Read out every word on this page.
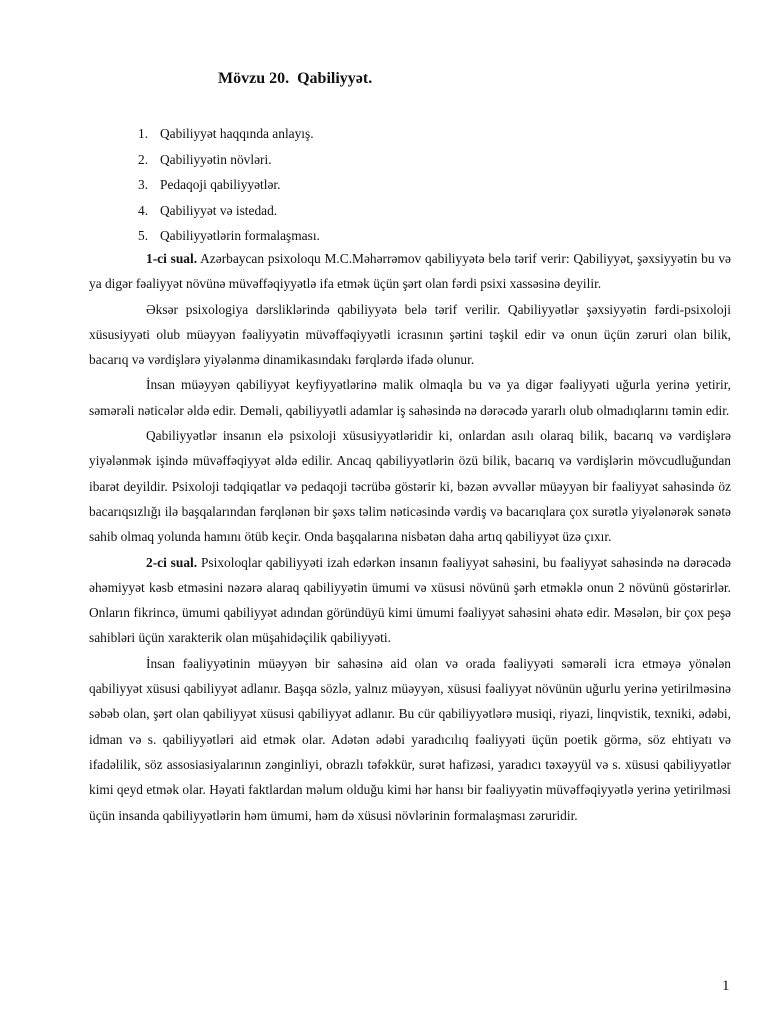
Mövzu 20.  Qabiliyyət.
1. Qabiliyyət haqqında anlayış.
2. Qabiliyyətin növləri.
3. Pedaqoji qabiliyyətlər.
4. Qabiliyyət və istedad.
5. Qabiliyyətlərin formalaşması.

1-ci sual. Azərbaycan psixoloqu M.C.Məhərrəmov qabiliyyətə belə tərif verir: Qabiliyyət, şəxsiyyətin bu və ya digər fəaliyyət növünə müvəffəqiyyətlə ifa etmək üçün şərt olan fərdi psixi xassəsinə deyilir.

Əksər psixologiya dərsliklərində qabiliyyətə belə tərif verilir. Qabiliyyətlər şəxsiyyətin fərdi-psixoloji xüsusiyyəti olub müəyyən fəaliyyətin müvəffəqiyyətli icrasının şərtini təşkil edir və onun üçün zəruri olan bilik, bacarıq və vərdişlərə yiyələnmə dinamikasındakı fərqlərdə ifadə olunur.

İnsan müəyyən qabiliyyət keyfiyyətlərinə malik olmaqla bu və ya digər fəaliyyəti uğurla yerinə yetirir, səmərəli nəticələr əldə edir. Deməli, qabiliyyətli adamlar iş sahəsində nə dərəcədə yararlı olub olmadıqlarını təmin edir.

Qabiliyyətlər insanın elə psixoloji xüsusiyyətləridir ki, onlardan asılı olaraq bilik, bacarıq və vərdişlərə yiyələnmək işində müvəffəqiyyət əldə edilir. Ancaq qabiliyyətlərin özü bilik, bacarıq və vərdişlərin mövcudluğundan ibarət deyildir. Psixoloji tədqiqatlar və pedaqoji təcrübə göstərir ki, bəzən əvvəllər müəyyən bir fəaliyyət sahəsində öz bacarıqsızlığı ilə başqalarından fərqlənən bir şəxs təlim nəticəsində vərdiş və bacarıqlara çox surətlə yiyələnərək sənətə sahib olmaq yolunda hamını ötüb keçir. Onda başqalarına nisbətən daha artıq qabiliyyət üzə çıxır.

2-ci sual. Psixoloqlar qabiliyyəti izah edərkən insanın fəaliyyət sahəsini, bu fəaliyyət sahəsində nə dərəcədə əhəmiyyət kəsb etməsini nəzərə alaraq qabiliyyətin ümumi və xüsusi növünü şərh etməklə onun 2 növünü göstərirlər. Onların fikrincə, ümumi qabiliyyət adından göründüyü kimi ümumi fəaliyyət sahəsini əhatə edir. Məsələn, bir çox peşə sahibləri üçün xarakterik olan müşahidəçilik qabiliyyəti.

İnsan fəaliyyətinin müəyyən bir sahəsinə aid olan və orada fəaliyyəti səmərəli icra etməyə yönələn qabiliyyət xüsusi qabiliyyət adlanır. Başqa sözlə, yalnız müəyyən, xüsusi fəaliyyət növünün uğurlu yerinə yetirilməsinə səbəb olan, şərt olan qabiliyyət xüsusi qabiliyyət adlanır. Bu cür qabiliyyətlərə musiqi, riyazi, linqvistik, texniki, ədəbi, idman və s. qabiliyyətləri aid etmək olar. Adətən ədəbi yaradıcılıq fəaliyyəti üçün poetik görmə, söz ehtiyatı və ifadəlilik, söz assosiasiyalarının zənginliyi, obrazlı təfəkkür, surət hafizəsi, yaradıcı təxəyyül və s. xüsusi qabiliyyətlər kimi qeyd etmək olar. Həyati faktlardan məlum olduğu kimi hər hansı bir fəaliyyətin müvəffəqiyyətlə yerinə yetirilməsi üçün insanda qabiliyyətlərin həm ümumi, həm də xüsusi növlərinin formalaşması zəruridir.

1
